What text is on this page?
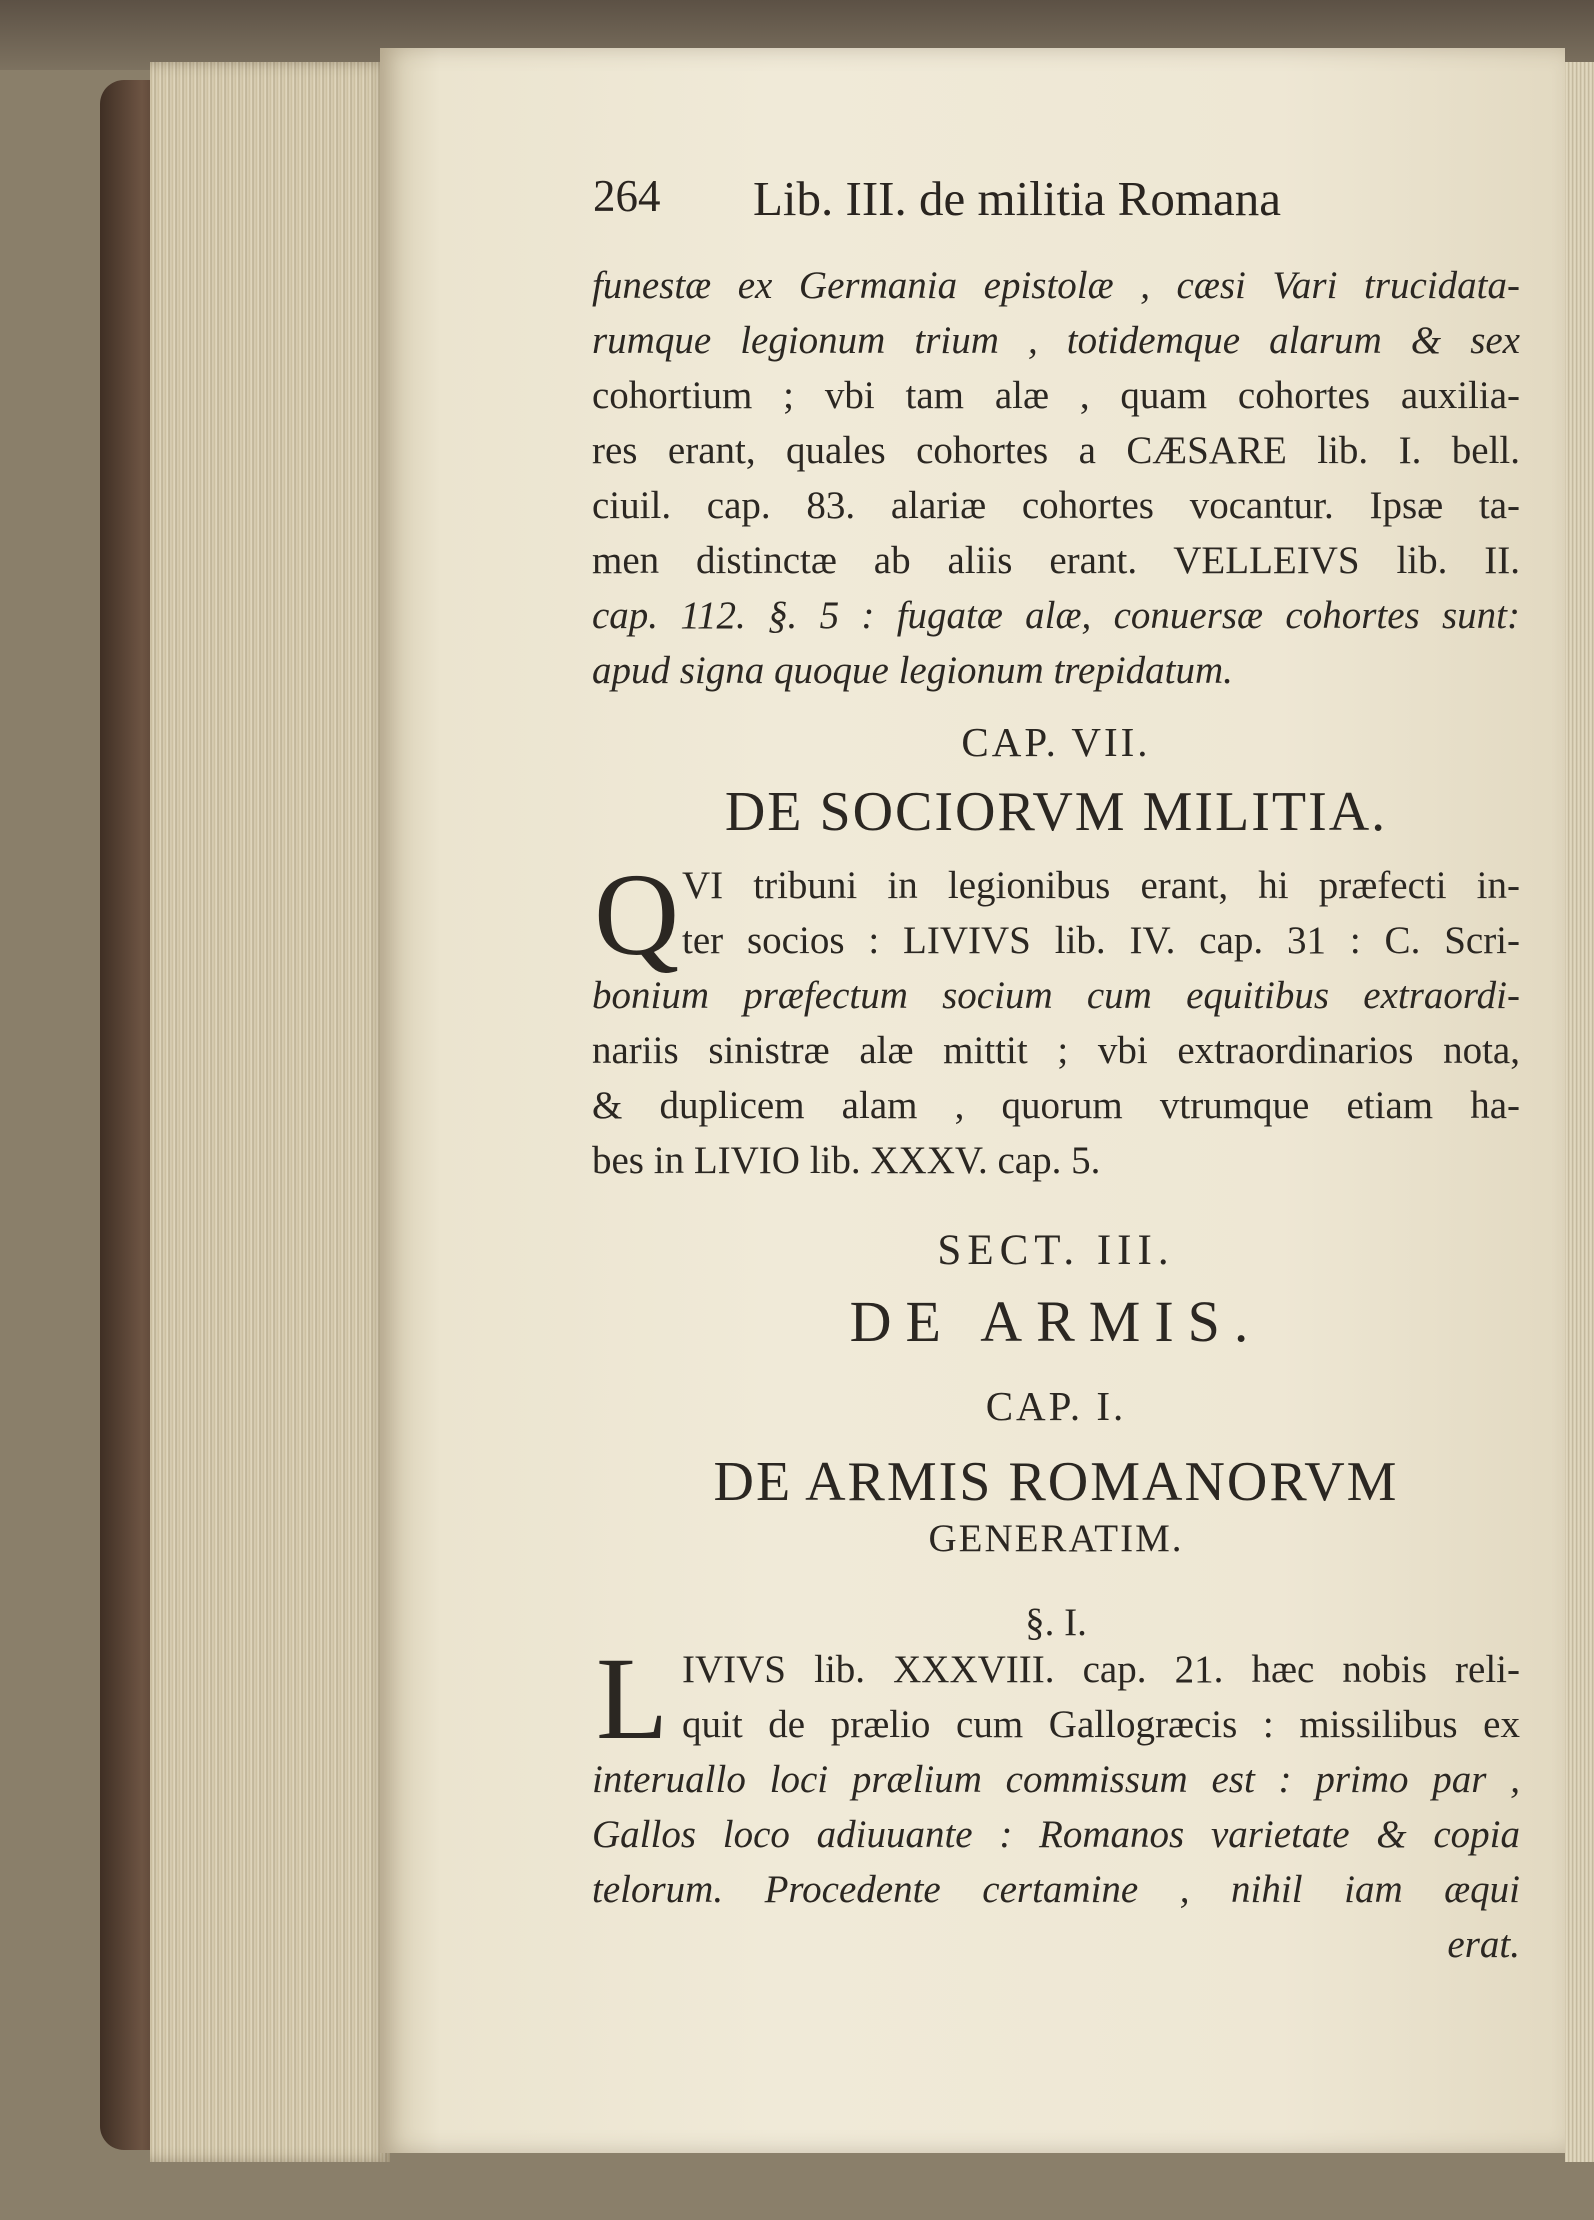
264 Lib. III. de militia Romana
funestæ ex Germania epistolæ , cæsi Vari trucidata-
rumque legionum trium , totidemque alarum & sex
cohortium ; vbi tam alæ , quam cohortes auxilia-
res erant, quales cohortes a CÆSARE lib. I. bell.
ciuil. cap. 83. alariæ cohortes vocantur. Ipsæ ta-
men distinctæ ab aliis erant. VELLEIVS lib. II.
cap. 112. §. 5 : fugatæ alæ, conuersæ cohortes sunt:
apud signa quoque legionum trepidatum.
CAP. VII.
DE SOCIORVM MILITIA.
Q VI tribuni in legionibus erant, hi præfecti in-
ter socios : LIVIVS lib. IV. cap. 31 : C. Scri-
bonium præfectum socium cum equitibus extraordi-
nariis sinistræ alæ mittit ; vbi extraordinarios nota,
& duplicem alam , quorum vtrumque etiam ha-
bes in LIVIO lib. XXXV. cap. 5.
SECT. III.
DE ARMIS.
CAP. I.
DE ARMIS ROMANORVM
GENERATIM.
§. I.
L IVIVS lib. XXXVIII. cap. 21. hæc nobis reli-
quit de prælio cum Gallogræcis : missilibus ex
interuallo loci prælium commissum est : primo par ,
Gallos loco adiuuante : Romanos varietate & copia
telorum. Procedente certamine , nihil iam æqui
erat.
